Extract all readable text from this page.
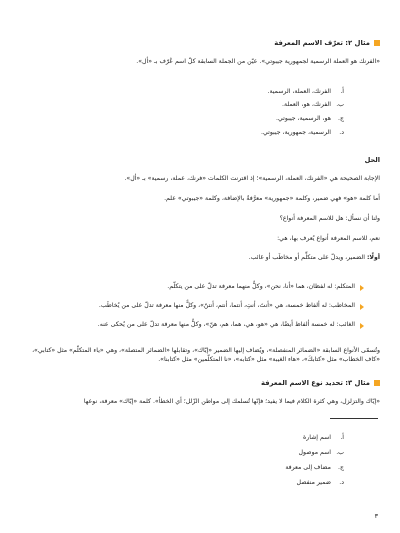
مثال ٢: تعرّف الاسم المعرفة
«الفرنك هو العملة الرسمية لجمهورية جيبوتي». عيّن من الجملة السابقة كلّ اسم عُرّف بـ «أل».
أ.
الفرنك، العملة، الرسمية.
ب.
الفرنك، هو، العملة.
ج.
هو، الرسمية، جيبوتي.
د.
الرسمية، جمهورية، جيبوتي.
الحل
الإجابة الصحيحة هي «الفرنك، العملة، الرسمية»؛ إذ اقترنت الكلمات «فرنك، عملة، رسمية» بـ «أل».
أما كلمة «هو» فهي ضمير، وكلمة «جمهورية» معرَّفةٌ بالإضافة، وكلمة «جيبوتي» علم.
ولنا أن نسأل: هل للاسم المعرفة أنواع؟
نعم، للاسم المعرفة أنواع يُعرف بها، هي:
أولًا: الضمير، ويدلّ على متكلِّم أو مخاطَب أو غائب.
المتكلم: له لفظان، هما «أنا، نحن»، وكلٌّ منهما معرفة تدلّ على من يتكلّم.
المخاطب: له ألفاظ خمسة، هي «أنتَ، أنتِ، أنتما، أنتم، أنتنّ»، وكلٌّ منها معرفة تدلّ على من يُخاطَب.
الغائب: له خمسة ألفاظ أيضًا، هي «هو، هي، هما، هم، هنّ»، وكلٌّ منها معرفة تدلّ على من يُحكى عنه.
وتُسمّى الأنواع السابقة «الضمائر المنفصلة»، ويُضاف إليها الضمير «إيّاك»، وتقابلها «الضمائر المتصلة»، وهي «ياء المتكلّم» مثل «كتابي»، «كاف الخطاب» مثل «كتابكَ»، «هاء الغيبة» مثل «كتابه»، «نا المتكلّمين» مثل «كتابنا».
مثال ٣: تحديد نوع الاسم المعرفة
«إيّاك والتزلزل، وهي كثرة الكلام فيما لا يفيد؛ فإنّها تُسلمك إلى مواطن الزّلل؛ أي الخطأ». كلمة «إيّاك» معرفة، نوعها
أ.
اسم إشارة
ب.
اسم موصول
ج.
مضاف إلى معرفة
د.
ضمير منفصل
٣
